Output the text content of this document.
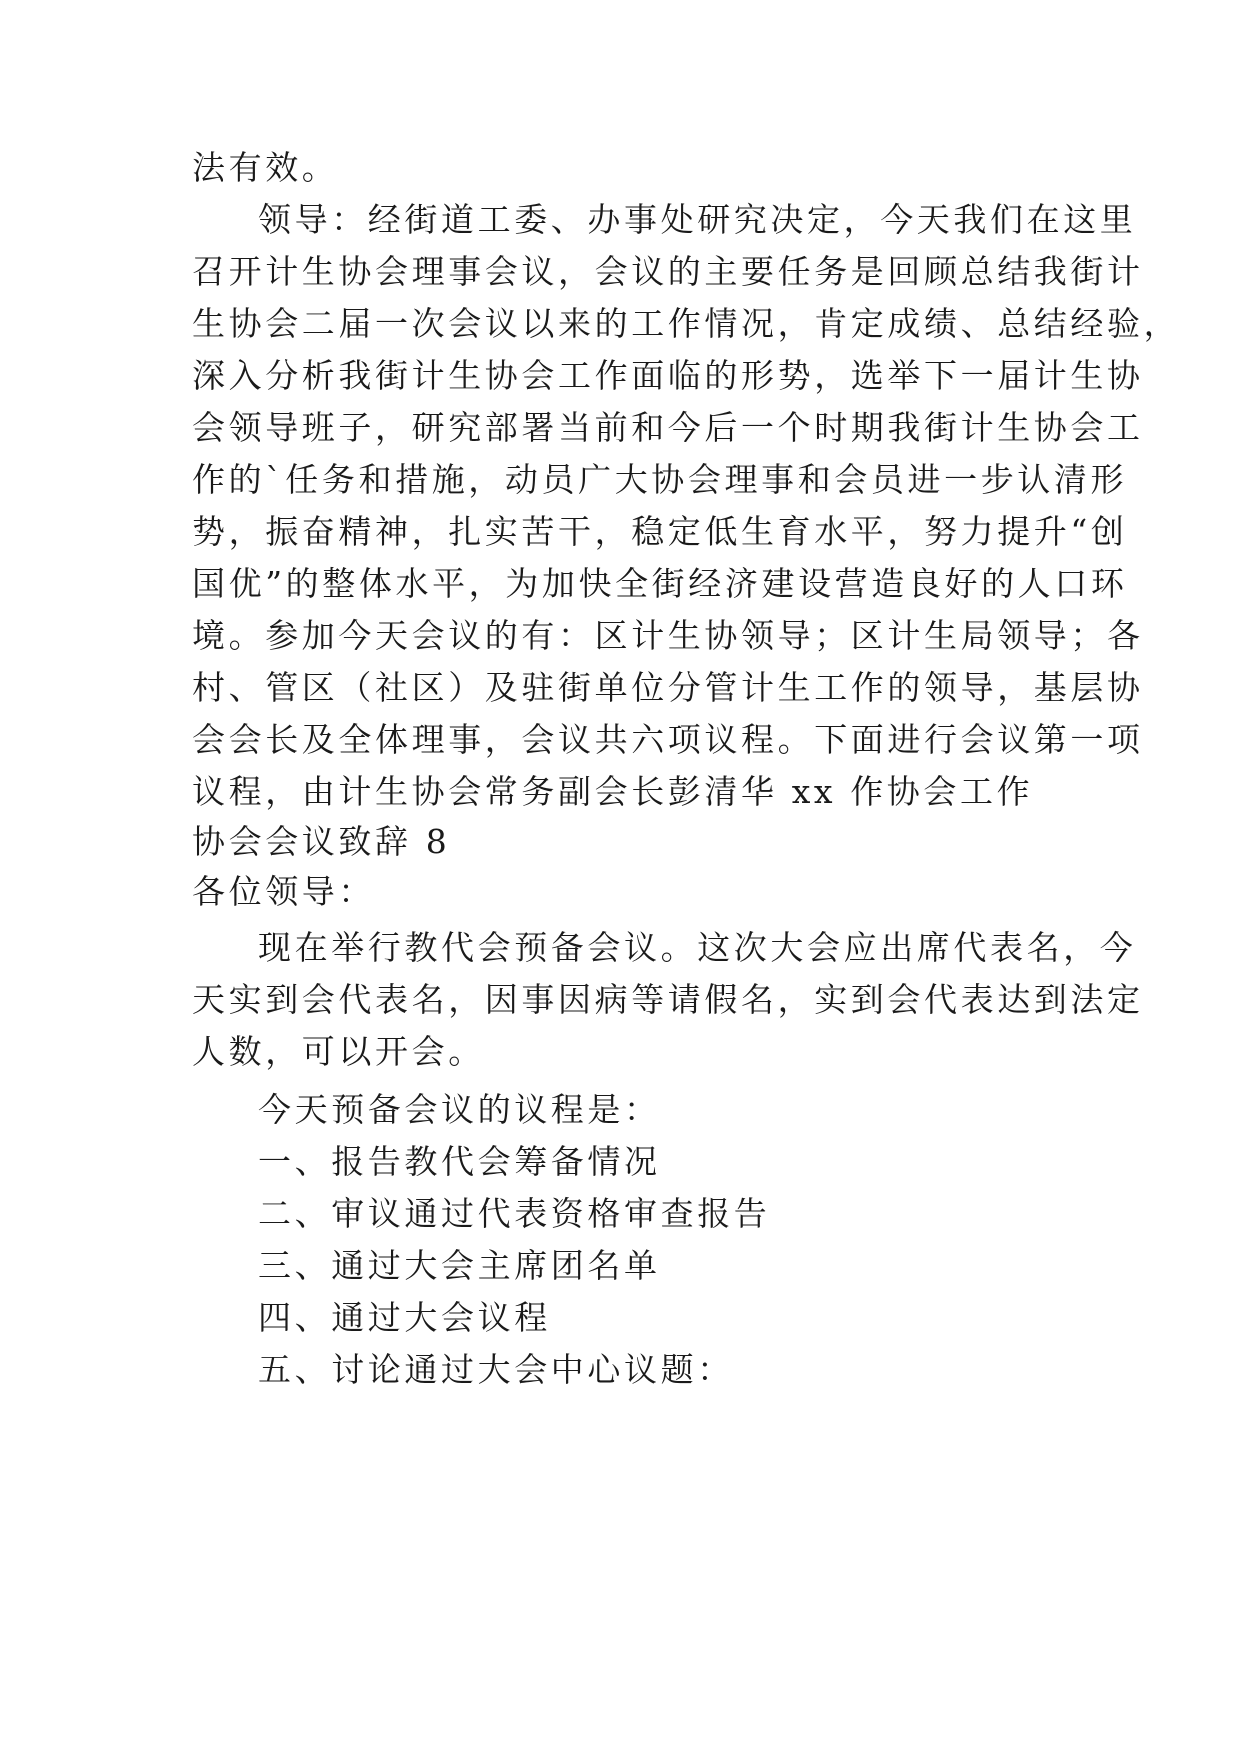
法有效。

领导：经街道工委、办事处研究决定，今天我们在这里

召开计生协会理事会议，会议的主要任务是回顾总结我街计

生协会二届一次会议以来的工作情况，肯定成绩、总结经验，

深入分析我街计生协会工作面临的形势，选举下一届计生协

会领导班子，研究部署当前和今后一个时期我街计生协会工

作的`任务和措施，动员广大协会理事和会员进一步认清形

势，振奋精神，扎实苦干，稳定低生育水平，努力提升“创

国优”的整体水平，为加快全街经济建设营造良好的人口环

境。参加今天会议的有：区计生协领导；区计生局领导；各

村、管区（社区）及驻街单位分管计生工作的领导，基层协

会会长及全体理事，会议共六项议程。下面进行会议第一项

议程，由计生协会常务副会长彭清华 xx 作协会工作

协会会议致辞 8

各位领导：

现在举行教代会预备会议。这次大会应出席代表名，今

天实到会代表名，因事因病等请假名，实到会代表达到法定

人数，可以开会。

今天预备会议的议程是：

一、报告教代会筹备情况

二、审议通过代表资格审查报告

三、通过大会主席团名单

四、通过大会议程

五、讨论通过大会中心议题：
